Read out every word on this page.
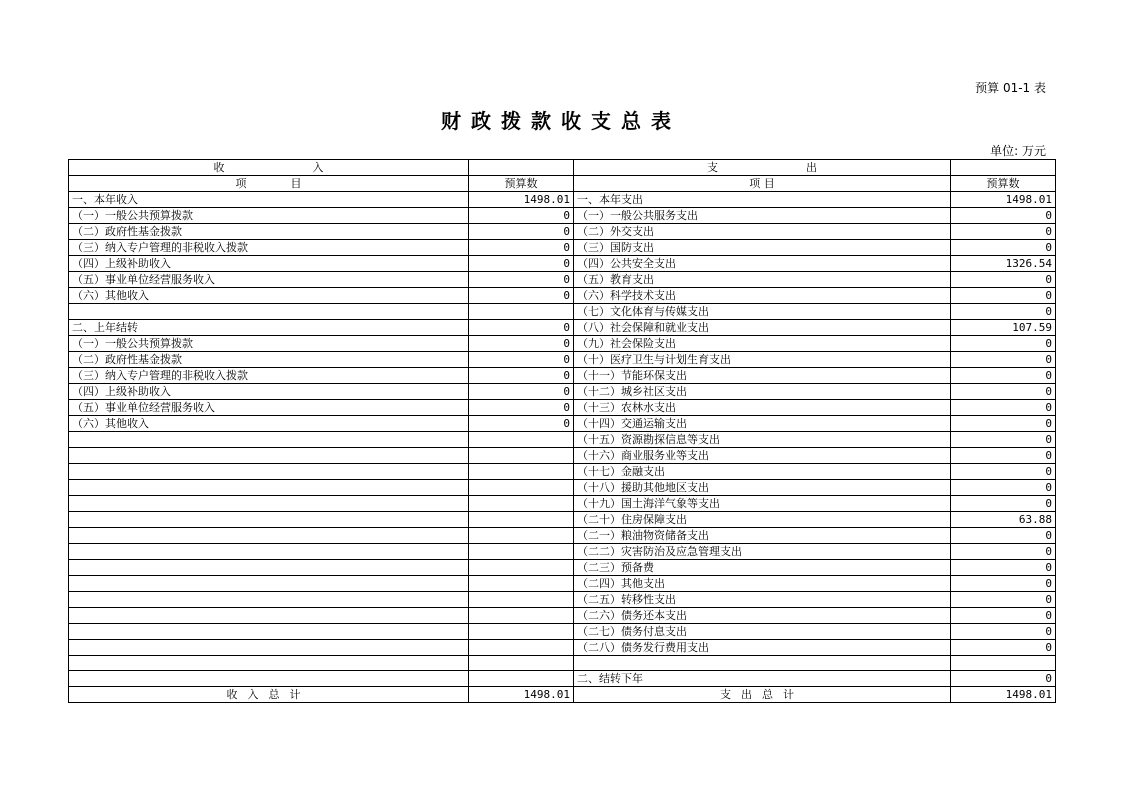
预算 01-1 表
财政拨款收支总表
单位: 万元
收　　　　　　　　入		支　　　　　　　　出	
项　　　　目	预算数	项 目	预算数
一、本年收入	1498.01	一、本年支出	1498.01
（一）一般公共预算拨款	0	（一）一般公共服务支出	0
（二）政府性基金拨款	0	（二）外交支出	0
（三）纳入专户管理的非税收入拨款	0	（三）国防支出	0
（四）上级补助收入	0	（四）公共安全支出	1326.54
（五）事业单位经营服务收入	0	（五）教育支出	0
（六）其他收入	0	（六）科学技术支出	0
		（七）文化体育与传媒支出	0
二、上年结转	0	（八）社会保障和就业支出	107.59
（一）一般公共预算拨款	0	（九）社会保险支出	0
（二）政府性基金拨款	0	（十）医疗卫生与计划生育支出	0
（三）纳入专户管理的非税收入拨款	0	（十一）节能环保支出	0
（四）上级补助收入	0	（十二）城乡社区支出	0
（五）事业单位经营服务收入	0	（十三）农林水支出	0
（六）其他收入	0	（十四）交通运输支出	0
		（十五）资源勘探信息等支出	0
		（十六）商业服务业等支出	0
		（十七）金融支出	0
		（十八）援助其他地区支出	0
		（十九）国土海洋气象等支出	0
		（二十）住房保障支出	63.88
		（二一）粮油物资储备支出	0
		（二二）灾害防治及应急管理支出	0
		（二三）预备费	0
		（二四）其他支出	0
		（二五）转移性支出	0
		（二六）债务还本支出	0
		（二七）债务付息支出	0
		（二八）债务发行费用支出	0

		二、结转下年	0
收入总计	1498.01	支出总计	1498.01
